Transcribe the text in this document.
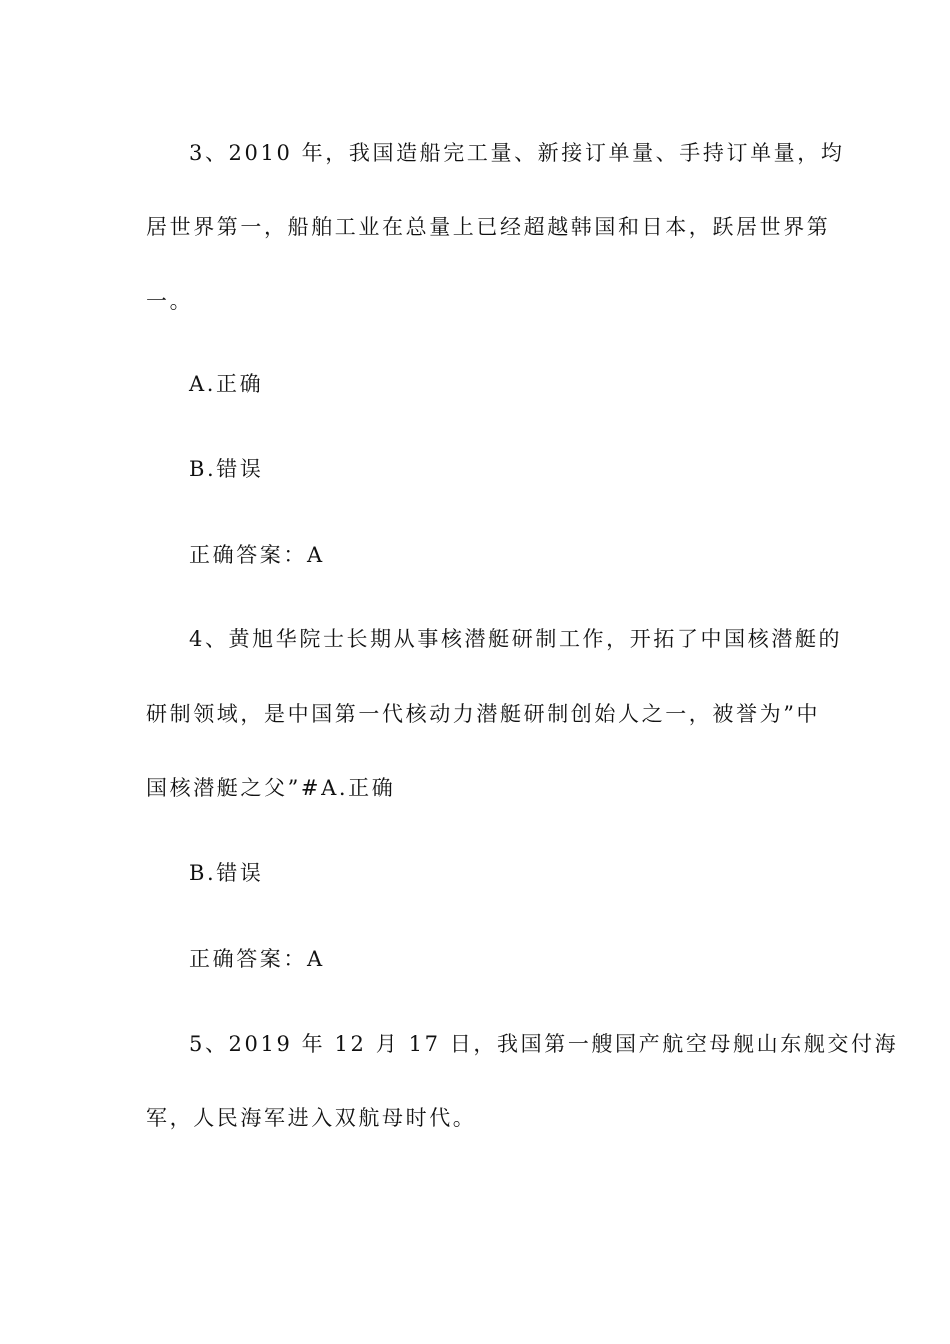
3、2010 年，我国造船完工量、新接订单量、手持订单量，均

居世界第一，船舶工业在总量上已经超越韩国和日本，跃居世界第

一。

A.正确

B.错误

正确答案：A

4、黄旭华院士长期从事核潜艇研制工作，开拓了中国核潜艇的

研制领域，是中国第一代核动力潜艇研制创始人之一，被誉为”中

国核潜艇之父”#A.正确

B.错误

正确答案：A

5、2019 年 12 月 17 日，我国第一艘国产航空母舰山东舰交付海

军，人民海军进入双航母时代。
